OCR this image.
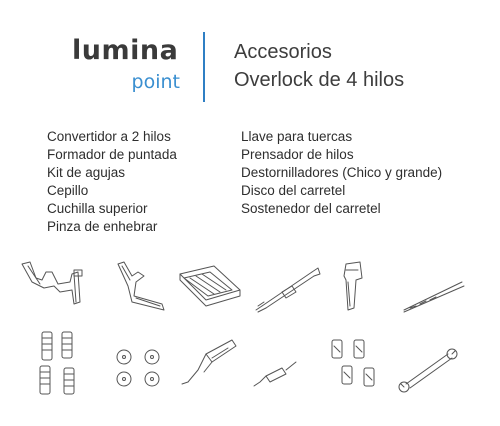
lumina
point
Accesorios
Overlock de 4 hilos
Convertidor a 2 hilos
Formador de puntada
Kit de agujas
Cepillo
Cuchilla superior
Pinza de enhebrar
Llave para tuercas
Prensador de hilos
Destornilladores (Chico y grande)
Disco del carretel
Sostenedor del carretel
